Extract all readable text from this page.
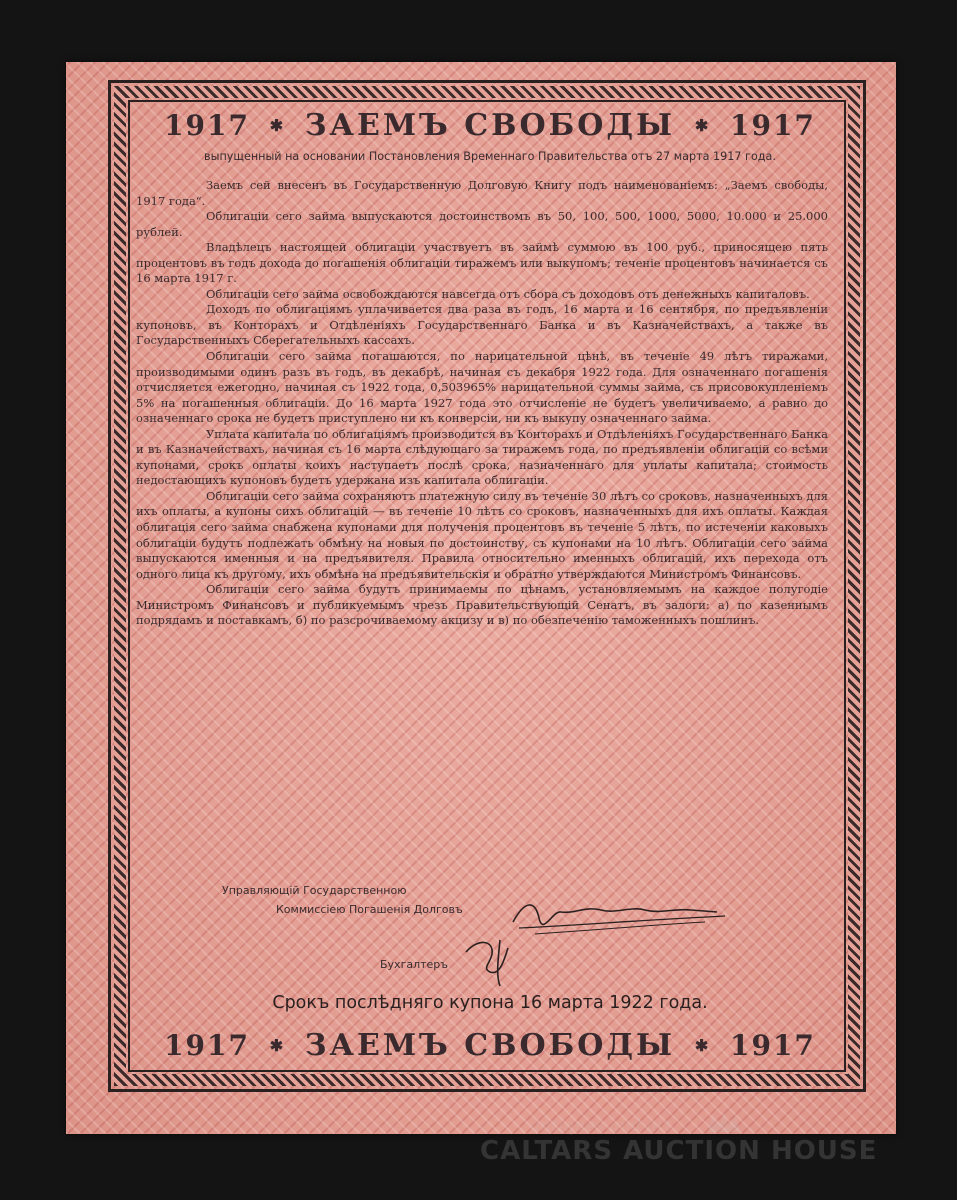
1917 ✱ ЗАЕМЪ СВОБОДЫ ✱ 1917
выпущенный на основании Постановления Временнаго Правительства отъ 27 марта 1917 года.

Заемъ сей внесенъ въ Государственную Долговую Книгу подъ наименованіемъ: „Заемъ свободы, 1917 года“.

Облигаціи сего займа выпускаются достоинствомъ въ 50, 100, 500, 1000, 5000, 10.000 и 25.000 рублей.

Владѣлецъ настоящей облигаціи участвуетъ въ займѣ суммою въ 100 руб., приносящею пять процентовъ въ годъ дохода до погашенія облигаціи тиражемъ или выкупомъ; теченіе процентовъ начинается съ 16 марта 1917 г.

Облигаціи сего займа освобождаются навсегда отъ сбора съ доходовъ отъ денежныхъ капиталовъ.

Доходъ по облигаціямъ уплачивается два раза въ годъ, 16 марта и 16 сентября, по предъявленіи купоновъ, въ Конторахъ и Отдѣленіяхъ Государственнаго Банка и въ Казначействахъ, а также въ Государственныхъ Сберегательныхъ кассахъ.

Облигаціи сего займа погашаются, по нарицательной цѣнѣ, въ теченіе 49 лѣтъ тиражами, производимыми одинъ разъ въ годъ, въ декабрѣ, начиная съ декабря 1922 года. Для означеннаго погашенія отчисляется ежегодно, начиная съ 1922 года, 0,503965% нарицательной суммы займа, съ присовокупленіемъ 5% на погашенныя облигаціи. До 16 марта 1927 года это отчисленіе не будетъ увеличиваемо, а равно до означеннаго срока не будетъ приступлено ни къ конверсіи, ни къ выкупу означеннаго займа.

Уплата капитала по облигаціямъ производится въ Конторахъ и Отдѣленіяхъ Государственнаго Банка и въ Казначействахъ, начиная съ 16 марта слѣдующаго за тиражемъ года, по предъявленіи облигацій со всѣми купонами, срокъ оплаты коихъ наступаетъ послѣ срока, назначеннаго для уплаты капитала; стоимость недостающихъ купоновъ будетъ удержана изъ капитала облигаціи.

Облигаціи сего займа сохраняютъ платежную силу въ теченіе 30 лѣтъ со сроковъ, назначенныхъ для ихъ оплаты, а купоны сихъ облигацій — въ теченіе 10 лѣтъ со сроковъ, назначенныхъ для ихъ оплаты. Каждая облигація сего займа снабжена купонами для полученія процентовъ въ теченіе 5 лѣтъ, по истеченіи каковыхъ облигаціи будутъ подлежать обмѣну на новыя по достоинству, съ купонами на 10 лѣтъ. Облигаціи сего займа выпускаются именныя и на предъявителя. Правила относительно именныхъ облигацій, ихъ перехода отъ одного лица къ другому, ихъ обмѣна на предъявительскія и обратно утверждаются Министромъ Финансовъ.

Облигаціи сего займа будутъ принимаемы по цѣнамъ, установляемымъ на каждое полугодіе Министромъ Финансовъ и публикуемымъ чрезъ Правительствующій Сенатъ, въ залоги: а) по казеннымъ подрядамъ и поставкамъ, б) по разсрочиваемому акцизу и в) по обезпеченію таможенныхъ пошлинъ.

Управляющій Государственною
Коммиссіею Погашенія Долговъ
Бухгалтеръ
Срокъ послѣдняго купона 16 марта 1922 года.
1917 ✱ ЗАЕМЪ СВОБОДЫ ✱ 1917
antiques and art
CALTARS AUCTION HOUSE
